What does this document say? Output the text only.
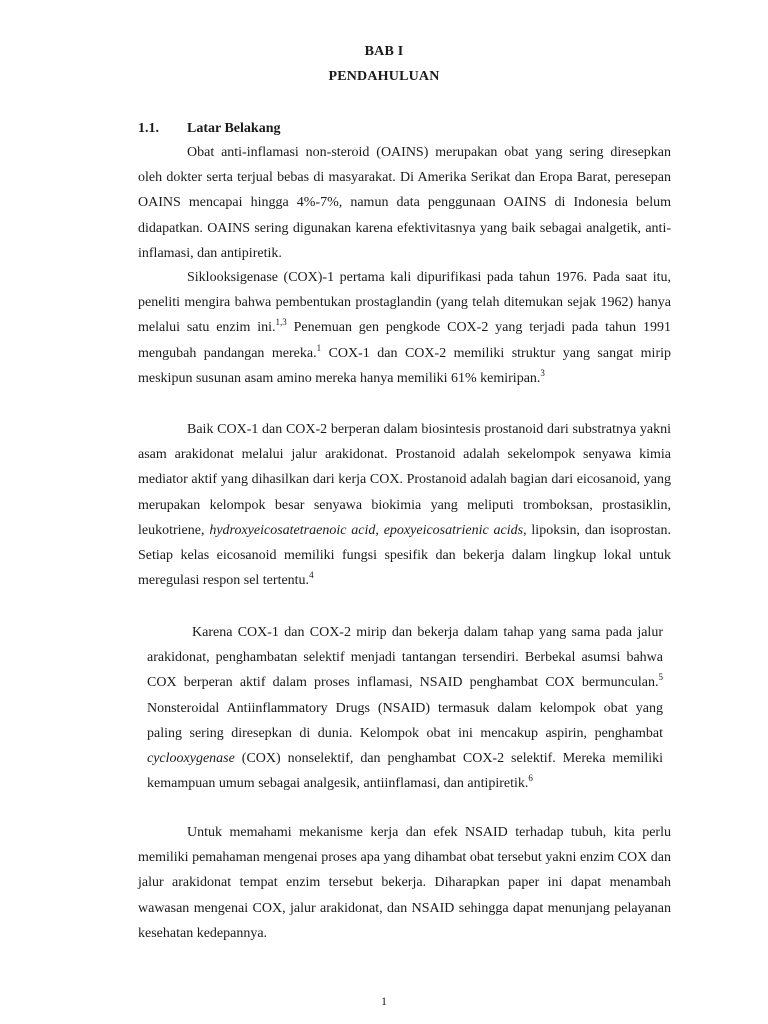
BAB I
PENDAHULUAN
1.1. Latar Belakang

Obat anti-inflamasi non-steroid (OAINS) merupakan obat yang sering diresepkan oleh dokter serta terjual bebas di masyarakat. Di Amerika Serikat dan Eropa Barat, peresepan OAINS mencapai hingga 4%-7%, namun data penggunaan OAINS di Indonesia belum didapatkan. OAINS sering digunakan karena efektivitasnya yang baik sebagai analgetik, anti-inflamasi, dan antipiretik.

Siklooksigenase (COX)-1 pertama kali dipurifikasi pada tahun 1976. Pada saat itu, peneliti mengira bahwa pembentukan prostaglandin (yang telah ditemukan sejak 1962) hanya melalui satu enzim ini.$^{1,3}$ Penemuan gen pengkode COX-2 yang terjadi pada tahun 1991 mengubah pandangan mereka.$^1$ COX-1 dan COX-2 memiliki struktur yang sangat mirip meskipun susunan asam amino mereka hanya memiliki 61% kemiripan.$^3$

Baik COX-1 dan COX-2 berperan dalam biosintesis prostanoid dari substratnya yakni asam arakidonat melalui jalur arakidonat. Prostanoid adalah sekelompok senyawa kimia mediator aktif yang dihasilkan dari kerja COX. Prostanoid adalah bagian dari eicosanoid, yang merupakan kelompok besar senyawa biokimia yang meliputi tromboksan, prostasiklin, leukotriene, hydroxyeicosatetraenoic acid, epoxyeicosatrienic acids, lipoksin, dan isoprostan. Setiap kelas eicosanoid memiliki fungsi spesifik dan bekerja dalam lingkup lokal untuk meregulasi respon sel tertentu.$^4$

Karena COX-1 dan COX-2 mirip dan bekerja dalam tahap yang sama pada jalur arakidonat, penghambatan selektif menjadi tantangan tersendiri. Berbekal asumsi bahwa COX berperan aktif dalam proses inflamasi, NSAID penghambat COX bermunculan.$^5$ Nonsteroidal Antiinflammatory Drugs (NSAID) termasuk dalam kelompok obat yang paling sering diresepkan di dunia. Kelompok obat ini mencakup aspirin, penghambat cyclooxygenase (COX) nonselektif, dan penghambat COX-2 selektif. Mereka memiliki kemampuan umum sebagai analgesik, antiinflamasi, dan antipiretik.$^6$

Untuk memahami mekanisme kerja dan efek NSAID terhadap tubuh, kita perlu memiliki pemahaman mengenai proses apa yang dihambat obat tersebut yakni enzim COX dan jalur arakidonat tempat enzim tersebut bekerja. Diharapkan paper ini dapat menambah wawasan mengenai COX, jalur arakidonat, dan NSAID sehingga dapat menunjang pelayanan kesehatan kedepannya.

1
